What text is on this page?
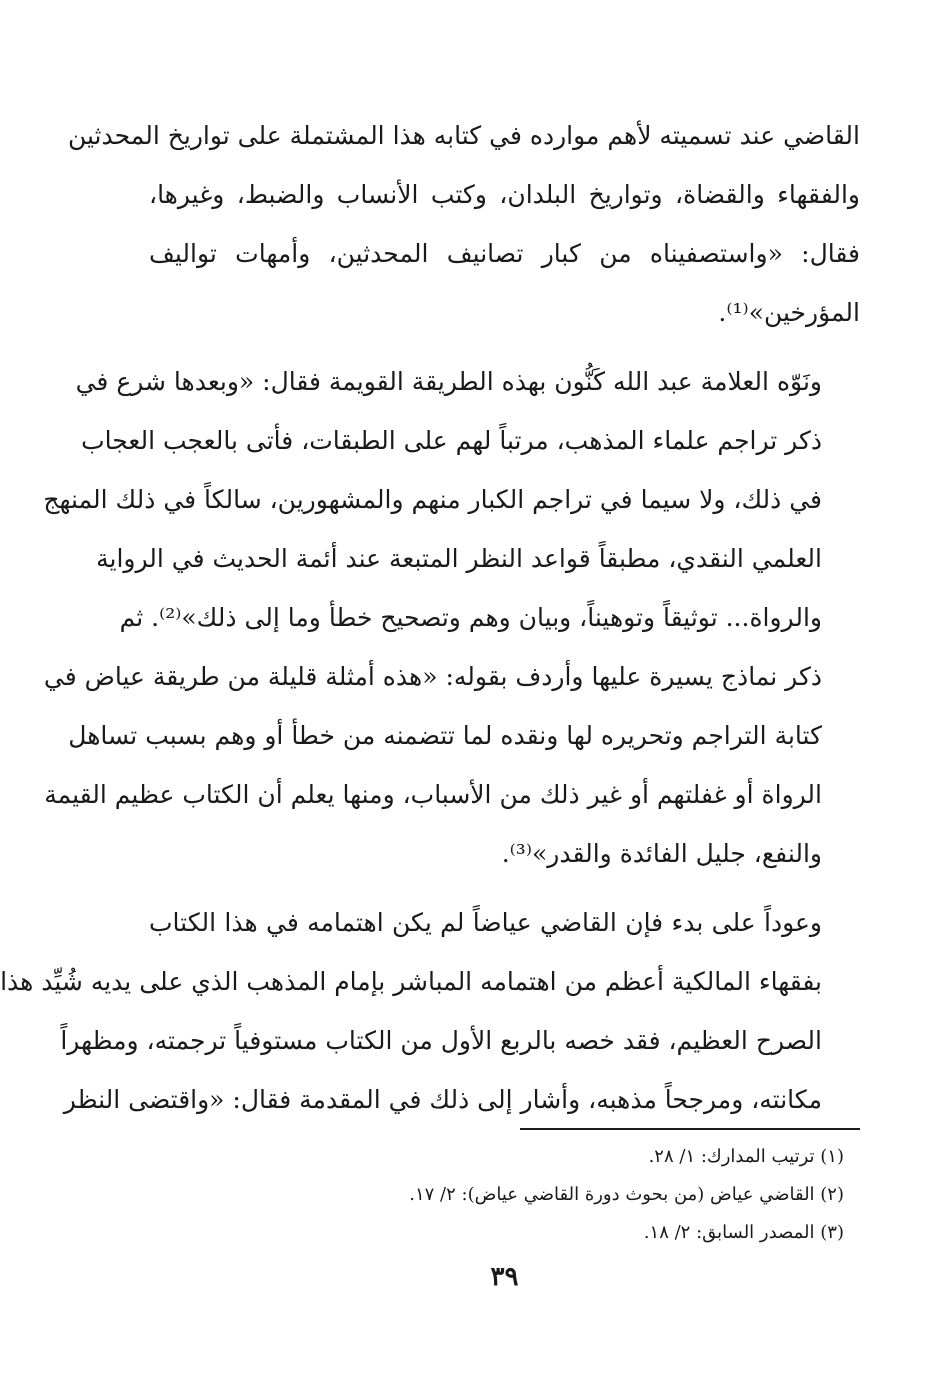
القاضي عند تسميته لأهم موارده في كتابه هذا المشتملة على تواريخ المحدثين
والفقهاء والقضاة، وتواريخ البلدان، وكتب الأنساب والضبط، وغيرها،
فقال: «واستصفيناه من كبار تصانيف المحدثين، وأمهات تواليف
المؤرخين»⁽¹⁾.

ونَوّه العلامة عبد الله كَنُّون بهذه الطريقة القويمة فقال: «وبعدها شرع في
ذكر تراجم علماء المذهب، مرتباً لهم على الطبقات، فأتى بالعجب العجاب
في ذلك، ولا سيما في تراجم الكبار منهم والمشهورين، سالكاً في ذلك المنهج
العلمي النقدي، مطبقاً قواعد النظر المتبعة عند أئمة الحديث في الرواية
والرواة... توثيقاً وتوهيناً، وبيان وهم وتصحيح خطأ وما إلى ذلك»⁽²⁾. ثم
ذكر نماذج يسيرة عليها وأردف بقوله: «هذه أمثلة قليلة من طريقة عياض في
كتابة التراجم وتحريره لها ونقده لما تتضمنه من خطأ أو وهم بسبب تساهل
الرواة أو غفلتهم أو غير ذلك من الأسباب، ومنها يعلم أن الكتاب عظيم القيمة
والنفع، جليل الفائدة والقدر»⁽³⁾.

وعوداً على بدء فإن القاضي عياضاً لم يكن اهتمامه في هذا الكتاب
بفقهاء المالكية أعظم من اهتمامه المباشر بإمام المذهب الذي على يديه شُيِّد هذا
الصرح العظيم، فقد خصه بالربع الأول من الكتاب مستوفياً ترجمته، ومظهراً
مكانته، ومرجحاً مذهبه، وأشار إلى ذلك في المقدمة فقال: «واقتضى النظر

(١) ترتيب المدارك: ١/ ٢٨.
(٢) القاضي عياض (من بحوث دورة القاضي عياض): ٢/ ١٧.
(٣) المصدر السابق: ٢/ ١٨.
٣٩
